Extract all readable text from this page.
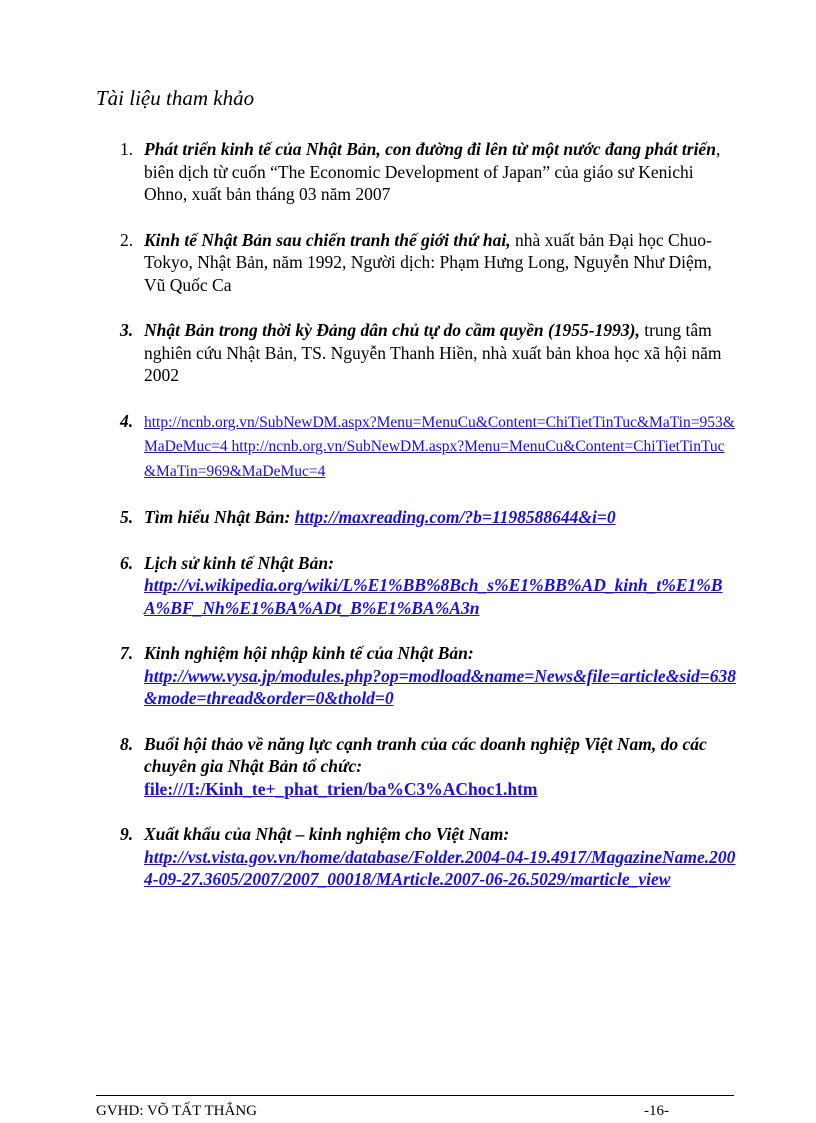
Tài liệu tham khảo
1. Phát triển kinh tế của Nhật Bản, con đường đi lên từ một nước đang phát triển, biên dịch từ cuốn “The Economic Development of Japan” của giáo sư Kenichi Ohno, xuất bản tháng 03 năm 2007
2. Kinh tế Nhật Bản sau chiến tranh thế giới thứ hai, nhà xuất bản Đại học Chuo-Tokyo, Nhật Bản, năm 1992, Người dịch: Phạm Hưng Long, Nguyễn Như Diệm, Vũ Quốc Ca
3. Nhật Bản trong thời kỳ Đảng dân chủ tự do cầm quyền (1955-1993), trung tâm nghiên cứu Nhật Bản, TS. Nguyễn Thanh Hiền, nhà xuất bản khoa học xã hội năm 2002
4. http://ncnb.org.vn/SubNewDM.aspx?Menu=MenuCu&Content=ChiTietTinTuc&MaTin=953&MaDeMuc=4 http://ncnb.org.vn/SubNewDM.aspx?Menu=MenuCu&Content=ChiTietTinTuc&MaTin=969&MaDeMuc=4
5. Tìm hiểu Nhật Bản: http://maxreading.com/?b=1198588644&i=0
6. Lịch sử kinh tế Nhật Bản:
http://vi.wikipedia.org/wiki/L%E1%BB%8Bch_s%E1%BB%AD_kinh_t%E1%BA%BF_Nh%E1%BA%ADt_B%E1%BA%A3n
7. Kinh nghiệm hội nhập kinh tế của Nhật Bản:
http://www.vysa.jp/modules.php?op=modload&name=News&file=article&sid=638&mode=thread&order=0&thold=0
8. Buổi hội thảo về năng lực cạnh tranh của các doanh nghiệp Việt Nam, do các chuyên gia Nhật Bản tổ chức:
file:///I:/Kinh_te+_phat_trien/ba%C3%AChoc1.htm
9. Xuất khẩu của Nhật – kinh nghiệm cho Việt Nam:
http://vst.vista.gov.vn/home/database/Folder.2004-04-19.4917/MagazineName.2004-09-27.3605/2007/2007_00018/MArticle.2007-06-26.5029/marticle_view
GVHD: VÕ TẤT THẮNG	-16-
